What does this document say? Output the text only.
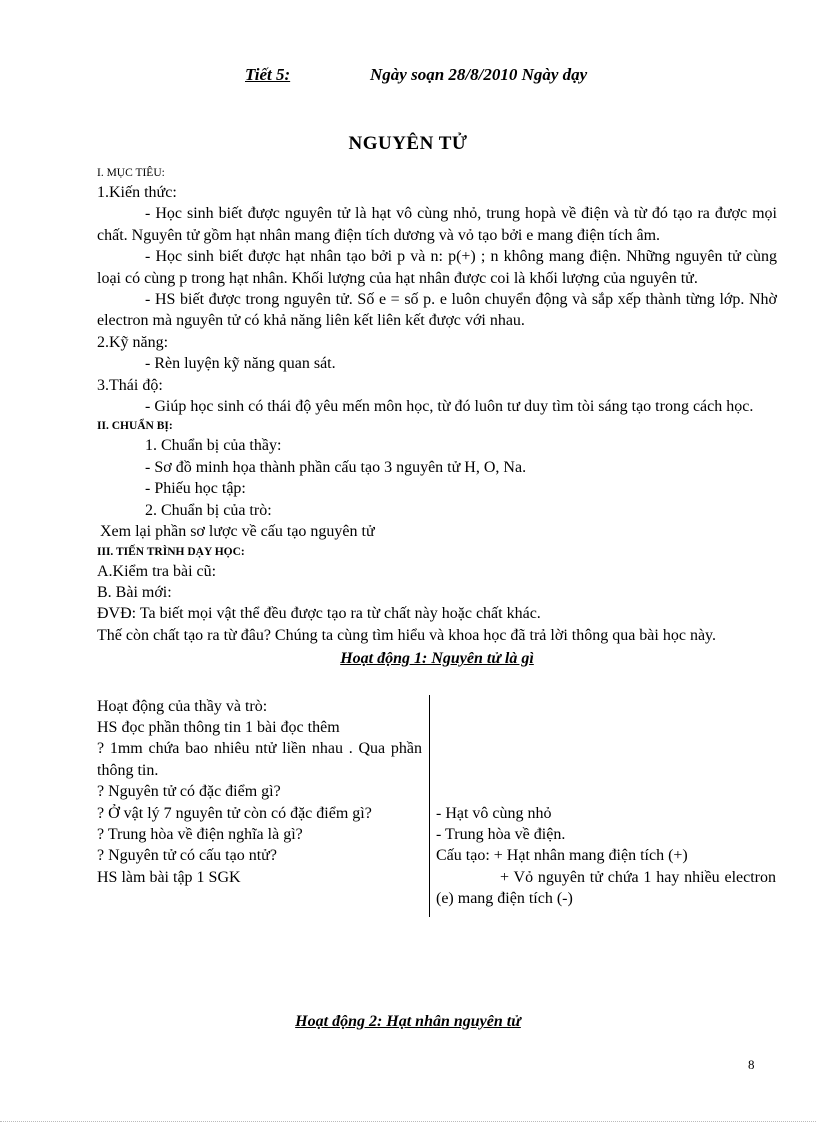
Tiết 5:	Ngày soạn 28/8/2010 Ngày dạy
NGUYÊN TỬ
I. MỤC TIÊU:

1.Kiến thức:

- Học sinh biết được nguyên tử là hạt vô cùng nhỏ, trung hopà về điện và từ đó tạo ra được mọi chất. Nguyên tử gồm hạt nhân mang điện tích dương và vỏ tạo bởi e mang điện tích âm.

- Học sinh biết được hạt nhân tạo bởi p và n: p(+) ; n không mang điện. Những nguyên tử cùng loại có cùng p trong hạt nhân. Khối lượng của hạt nhân được coi là khối lượng của nguyên tử.

- HS biết được trong nguyên tử. Số e = số p. e luôn chuyển động và sắp xếp thành từng lớp. Nhờ electron mà nguyên tử có khả năng liên kết liên kết được với nhau.

2.Kỹ năng:

- Rèn luyện kỹ năng quan sát.

3.Thái độ:

- Giúp học sinh có thái độ yêu mến môn học, từ đó luôn tư duy tìm tòi sáng tạo trong cách học.

II. CHUẨN BỊ:

1. Chuẩn bị của thầy:

- Sơ đồ minh họa thành phần cấu tạo 3 nguyên tử H, O, Na.

- Phiếu học tập:

2. Chuẩn bị của trò:

Xem lại phần sơ lược về cấu tạo nguyên tử

III. TIẾN TRÌNH DẠY HỌC:

A.Kiểm tra bài cũ:

B. Bài mới:

ĐVĐ: Ta biết mọi vật thể đều được tạo ra từ chất này hoặc chất khác.

Thế còn chất tạo ra từ đâu? Chúng ta cùng tìm hiểu và khoa học đã trả lời thông qua bài học này.

Hoạt động 1: Nguyên tử là gì

Hoạt động của thầy và trò:

HS đọc phần thông tin 1 bài đọc thêm

? 1mm chứa bao nhiêu ntử liền nhau . Qua phần thông tin.

? Nguyên tử có đặc điểm gì?

? Ở vật lý 7 nguyên tử còn có đặc điểm gì?

? Trung hòa về điện nghĩa là gì?

? Nguyên tử có cấu tạo ntử?

HS làm bài tập 1 SGK

- Hạt vô cùng nhỏ

- Trung hòa về điện.

Cấu tạo: + Hạt nhân mang điện tích (+)

+ Vỏ nguyên tử chứa 1 hay nhiều electron (e) mang điện tích (-)

Hoạt động 2: Hạt nhân nguyên tử
8
